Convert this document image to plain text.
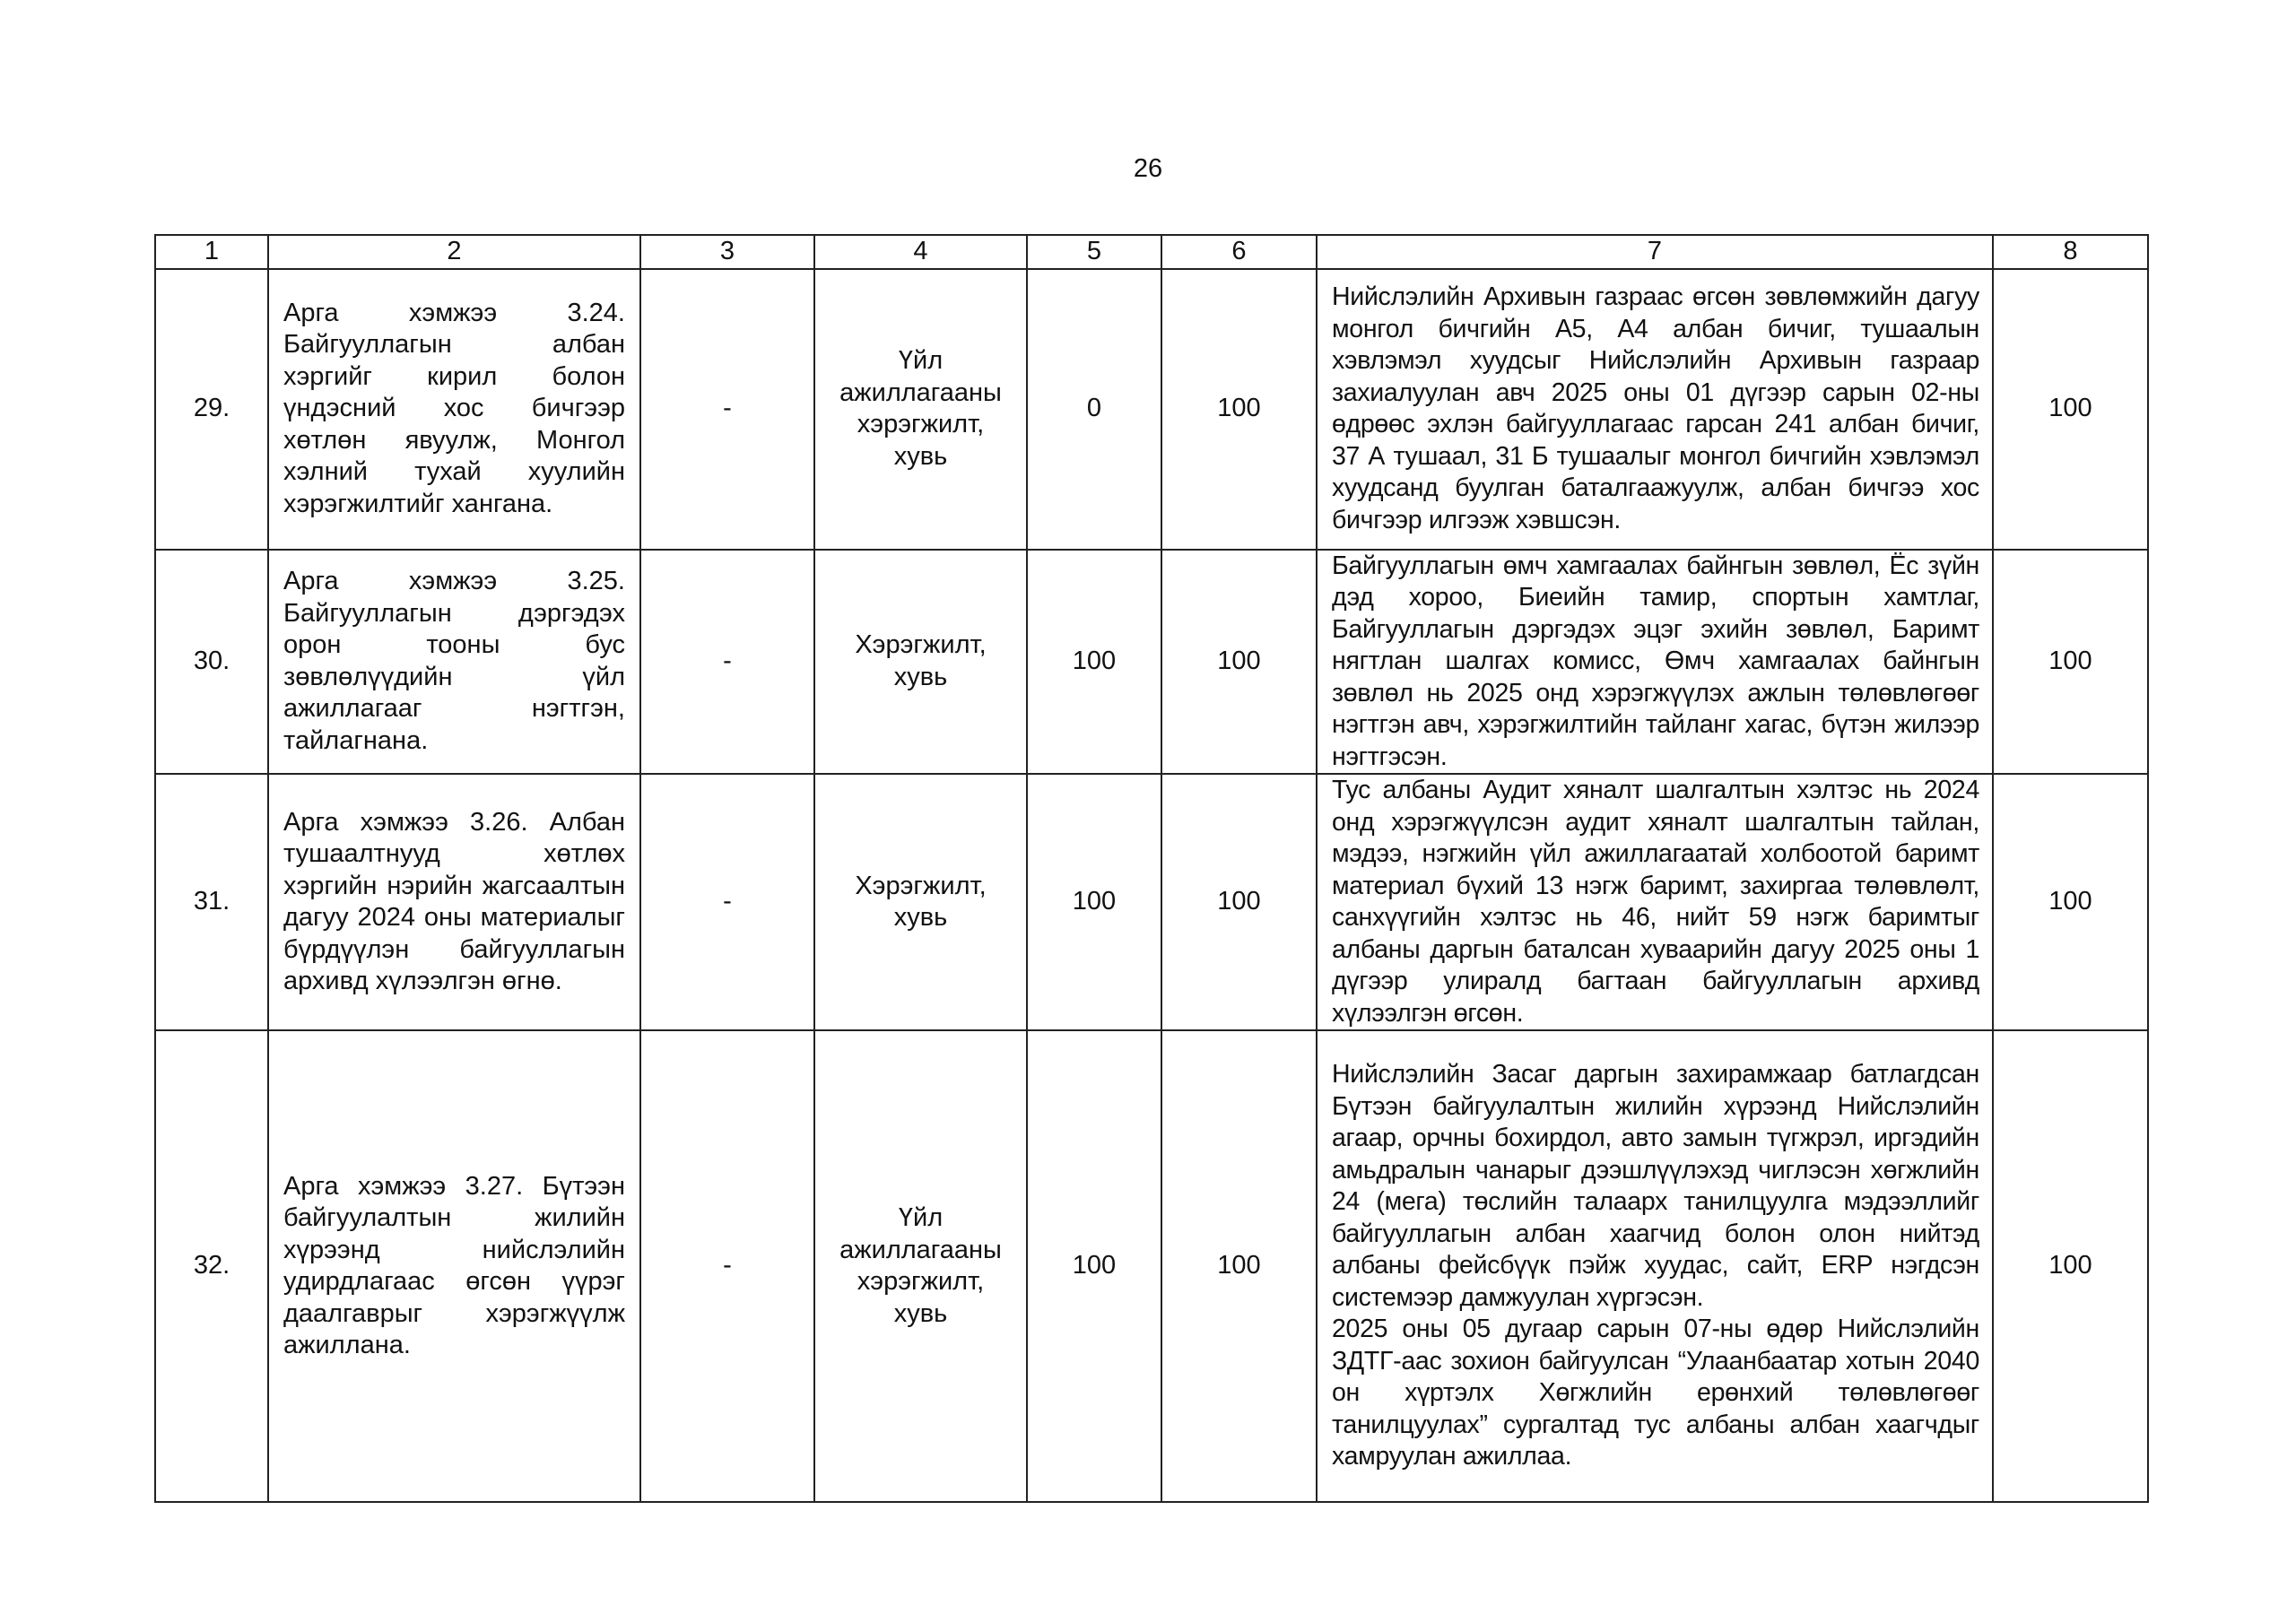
26
1	2	3	4	5	6	7	8
29.	Арга хэмжээ 3.24. Байгууллагын албан хэргийг кирил болон үндэсний хос бичгээр хөтлөн явуулж, Монгол хэлний тухай хуулийн хэрэгжилтийг хангана.	-	Үйл ажиллагааны хэрэгжилт, хувь	0	100	Нийслэлийн Архивын газраас өгсөн зөвлөмжийн дагуу монгол бичгийн А5, А4 албан бичиг, тушаалын хэвлэмэл хуудсыг Нийслэлийн Архивын газраар захиалуулан авч 2025 оны 01 дүгээр сарын 02-ны өдрөөс эхлэн байгууллагаас гарсан 241 албан бичиг, 37 А тушаал, 31 Б тушаалыг монгол бичгийн хэвлэмэл хуудсанд буулган баталгаажуулж, албан бичгээ хос бичгээр илгээж хэвшсэн.	100
30.	Арга хэмжээ 3.25. Байгууллагын дэргэдэх орон тооны бус зөвлөлүүдийн үйл ажиллагааг нэгтгэн, тайлагнана.	-	Хэрэгжилт, хувь	100	100	Байгууллагын өмч хамгаалах байнгын зөвлөл, Ёс зүйн дэд хороо, Биеийн тамир, спортын хамтлаг, Байгууллагын дэргэдэх эцэг эхийн зөвлөл, Баримт нягтлан шалгах комисс, Өмч хамгаалах байнгын зөвлөл нь 2025 онд хэрэгжүүлэх ажлын төлөвлөгөөг нэгтгэн авч, хэрэгжилтийн тайланг хагас, бүтэн жилээр нэгтгэсэн.	100
31.	Арга хэмжээ 3.26. Албан тушаалтнууд хөтлөх хэргийн нэрийн жагсаалтын дагуу 2024 оны материалыг бүрдүүлэн байгууллагын архивд хүлээлгэн өгнө.	-	Хэрэгжилт, хувь	100	100	Тус албаны Аудит хяналт шалгалтын хэлтэс нь 2024 онд хэрэгжүүлсэн аудит хяналт шалгалтын тайлан, мэдээ, нэгжийн үйл ажиллагаатай холбоотой баримт материал бүхий 13 нэгж баримт, захиргаа төлөвлөлт, санхүүгийн хэлтэс нь 46, нийт 59 нэгж баримтыг албаны даргын баталсан хуваарийн дагуу 2025 оны 1 дүгээр улиралд багтаан байгууллагын архивд хүлээлгэн өгсөн.	100
32.	Арга хэмжээ 3.27. Бүтээн байгуулалтын жилийн хүрээнд нийслэлийн удирдлагаас өгсөн үүрэг даалгаврыг хэрэгжүүлж ажиллана.	-	Үйл ажиллагааны хэрэгжилт, хувь	100	100	Нийслэлийн Засаг даргын захирамжаар батлагдсан Бүтээн байгуулалтын жилийн хүрээнд Нийслэлийн агаар, орчны бохирдол, авто замын түгжрэл, иргэдийн амьдралын чанарыг дээшлүүлэхэд чиглэсэн хөгжлийн 24 (мега) төслийн талаарх танилцуулга мэдээллийг байгууллагын албан хаагчид болон олон нийтэд албаны фейсбүүк пэйж хуудас, сайт, ERP нэгдсэн системээр дамжуулан хүргэсэн.
2025 оны 05 дугаар сарын 07-ны өдөр Нийслэлийн ЗДТГ-аас зохион байгуулсан “Улаанбаатар хотын 2040 он хүртэлх Хөгжлийн ерөнхий төлөвлөгөөг танилцуулах” сургалтад тус албаны албан хаагчдыг хамруулан ажиллаа.	100
